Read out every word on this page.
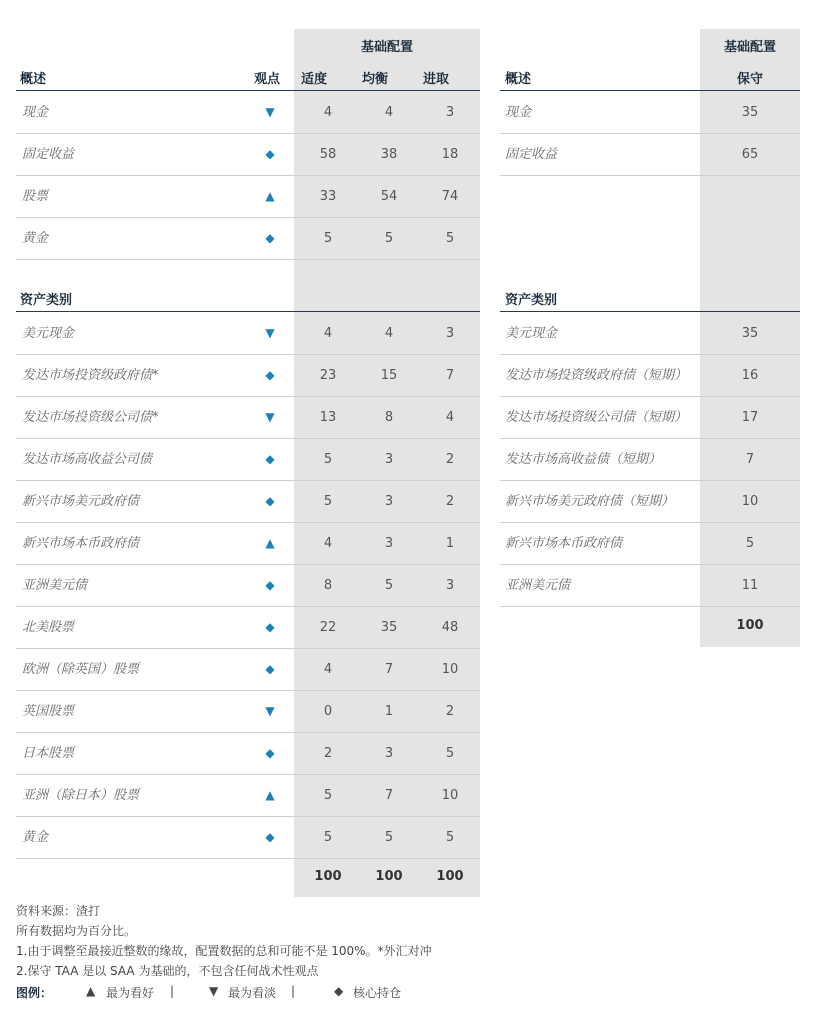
基础配置
概述	观点	适度	均衡	进取
基础配置
概述	保守
现金	▼	4	4	3
固定收益	◆	58	38	18
股票	▲	33	54	74
黄金	◆	5	5	5
现金	35
固定收益	65
资产类别	资产类别
美元现金	▼	4	4	3
发达市场投资级政府债*	◆	23	15	7
发达市场投资级公司债*	▼	13	8	4
发达市场高收益公司债	◆	5	3	2
新兴市场美元政府债	◆	5	3	2
新兴市场本币政府债	▲	4	3	1
亚洲美元债	◆	8	5	3
北美股票	◆	22	35	48
欧洲（除英国）股票	◆	4	7	10
英国股票	▼	0	1	2
日本股票	◆	2	3	5
亚洲（除日本）股票	▲	5	7	10
黄金	◆	5	5	5
美元现金	35
发达市场投资级政府债（短期）	16
发达市场投资级公司债（短期）	17
发达市场高收益债（短期）	7
新兴市场美元政府债（短期）	10
新兴市场本币政府债	5
亚洲美元债	11
100	100	100
100
资料来源：渣打
所有数据均为百分比。
1.由于调整至最接近整数的缘故，配置数据的总和可能不是 100%。*外汇对冲
2.保守 TAA 是以 SAA 为基础的，不包含任何战术性观点
图例：	▲ 最为看好 |	▼ 最为看淡 |	◆ 核心持仓
